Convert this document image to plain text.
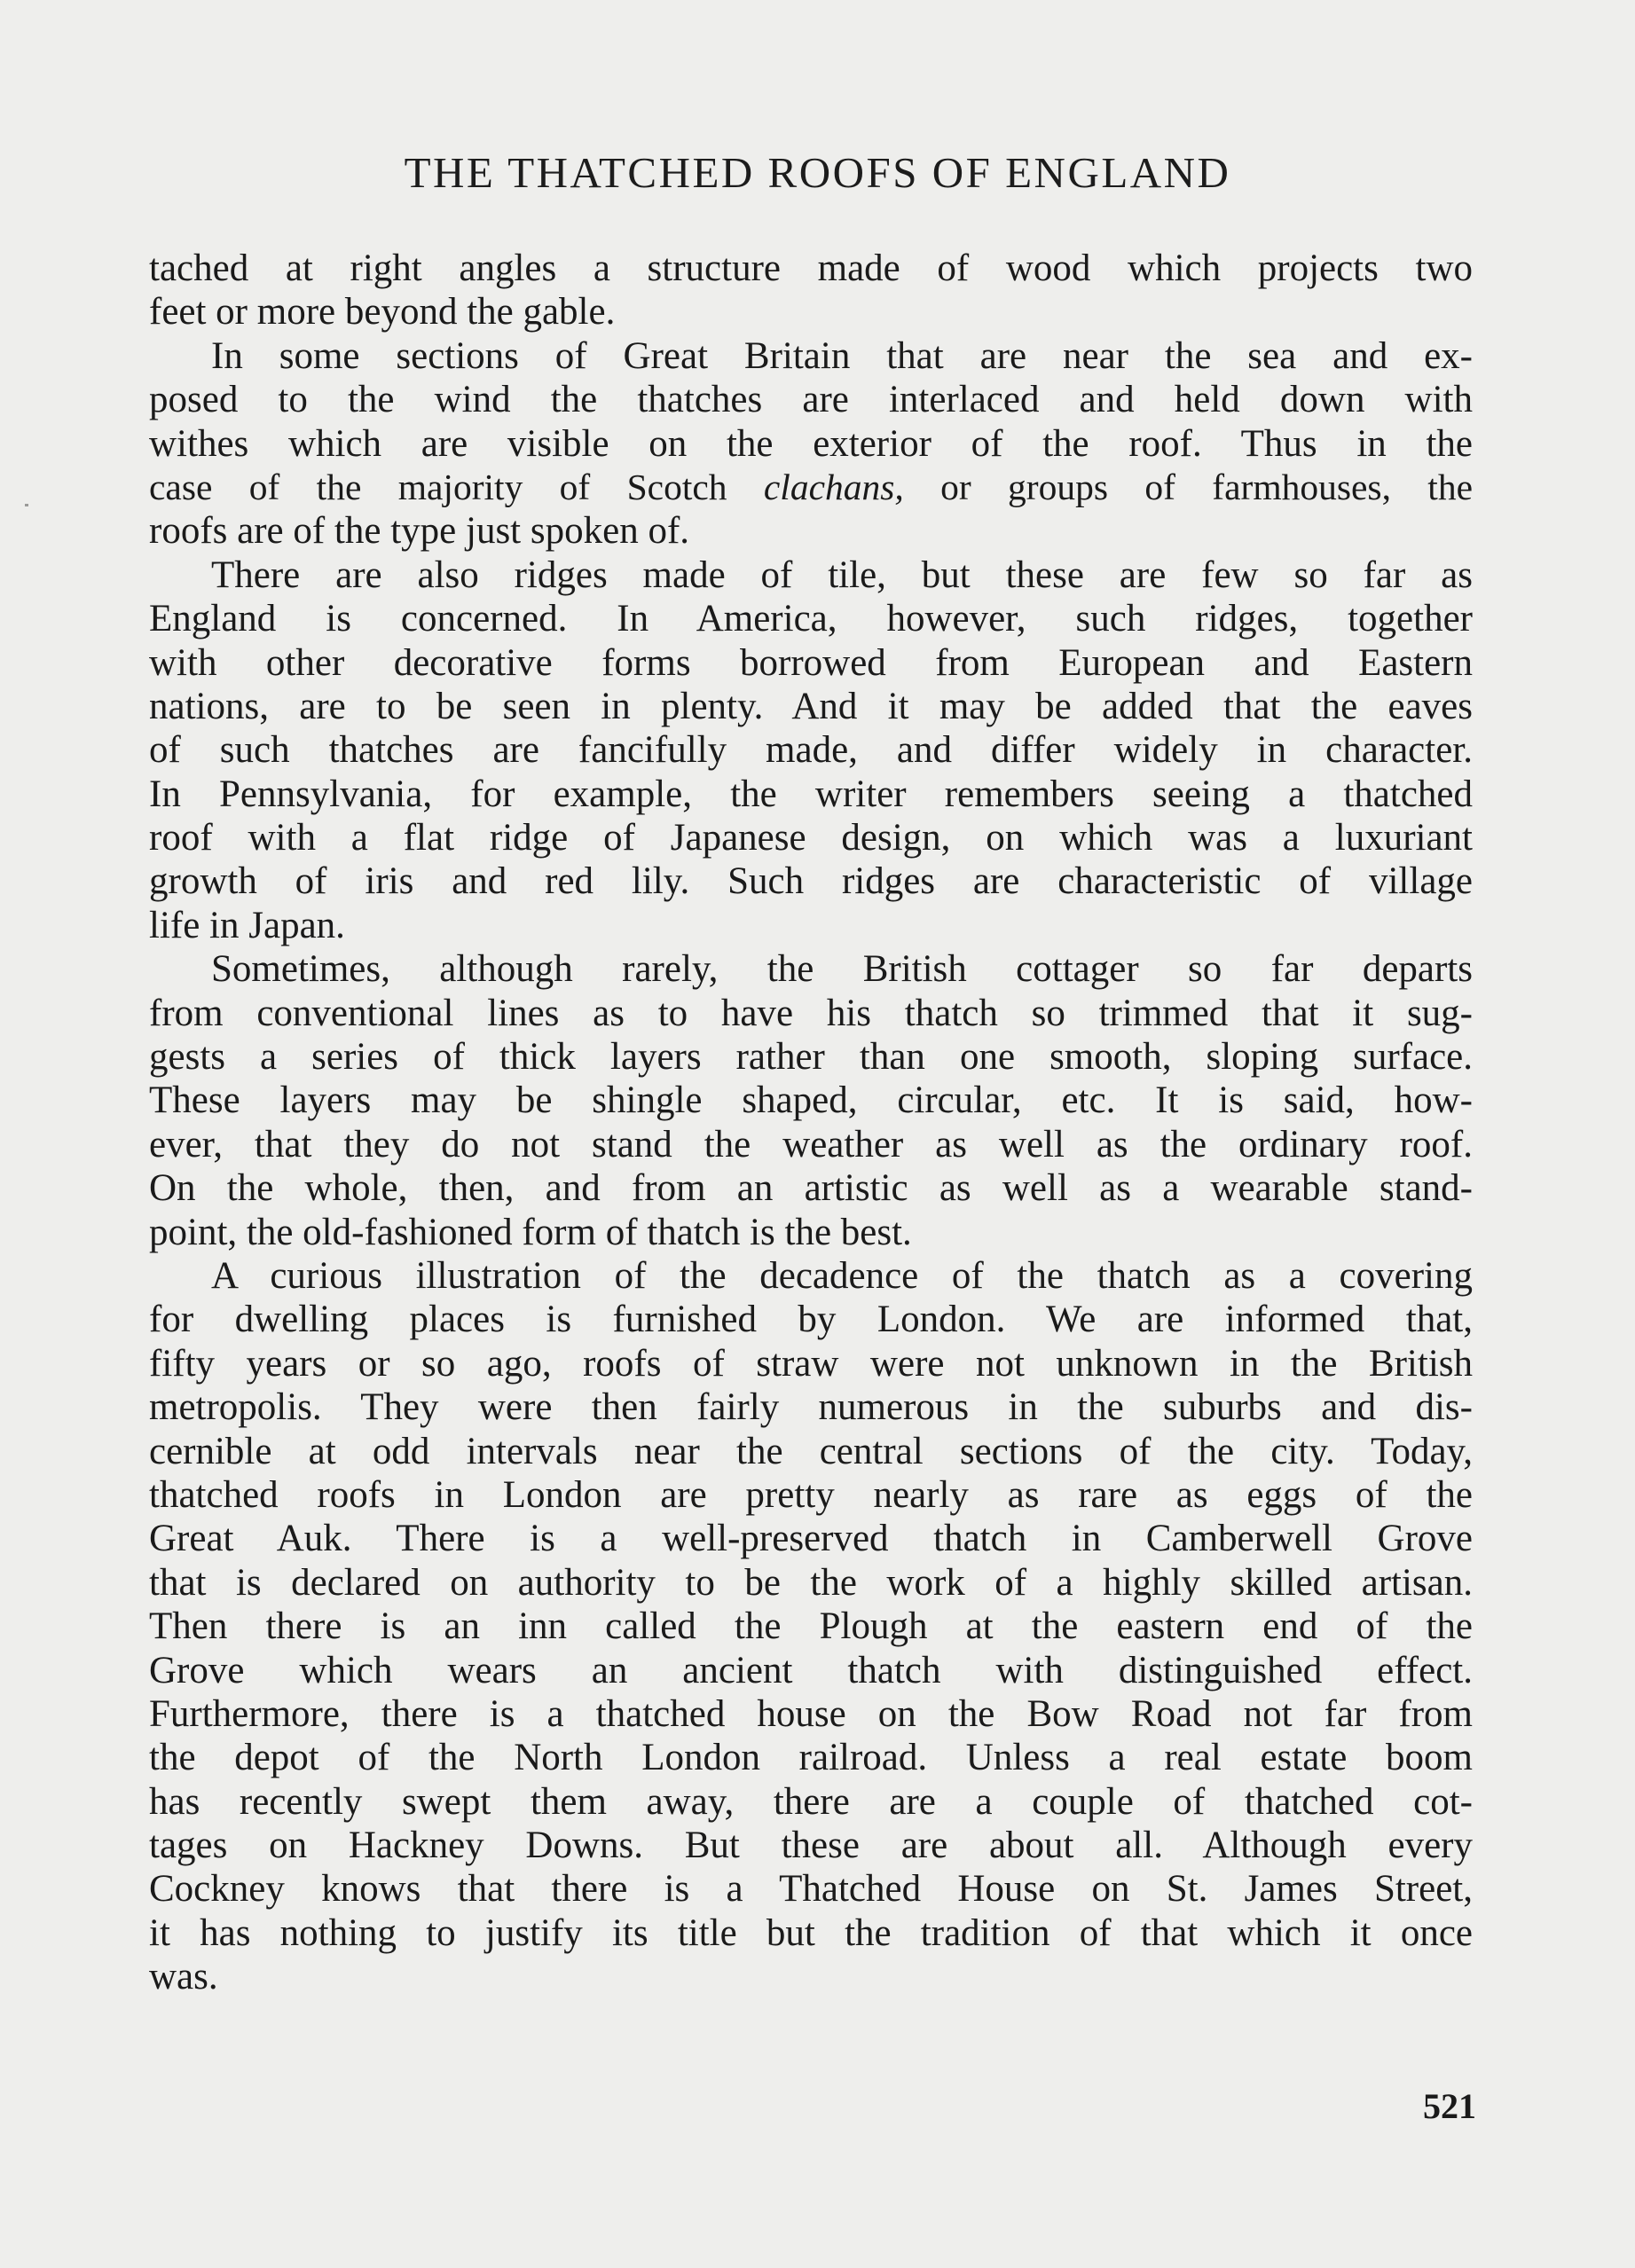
THE THATCHED ROOFS OF ENGLAND
tached at right angles a structure made of wood which projects two
feet or more beyond the gable.
In some sections of Great Britain that are near the sea and ex-
posed to the wind the thatches are interlaced and held down with
withes which are visible on the exterior of the roof. Thus in the
case of the majority of Scotch clachans, or groups of farmhouses, the
roofs are of the type just spoken of.
There are also ridges made of tile, but these are few so far as
England is concerned. In America, however, such ridges, together
with other decorative forms borrowed from European and Eastern
nations, are to be seen in plenty. And it may be added that the eaves
of such thatches are fancifully made, and differ widely in character.
In Pennsylvania, for example, the writer remembers seeing a thatched
roof with a flat ridge of Japanese design, on which was a luxuriant
growth of iris and red lily. Such ridges are characteristic of village
life in Japan.
Sometimes, although rarely, the British cottager so far departs
from conventional lines as to have his thatch so trimmed that it sug-
gests a series of thick layers rather than one smooth, sloping surface.
These layers may be shingle shaped, circular, etc. It is said, how-
ever, that they do not stand the weather as well as the ordinary roof.
On the whole, then, and from an artistic as well as a wearable stand-
point, the old-fashioned form of thatch is the best.
A curious illustration of the decadence of the thatch as a covering
for dwelling places is furnished by London. We are informed that,
fifty years or so ago, roofs of straw were not unknown in the British
metropolis. They were then fairly numerous in the suburbs and dis-
cernible at odd intervals near the central sections of the city. Today,
thatched roofs in London are pretty nearly as rare as eggs of the
Great Auk. There is a well-preserved thatch in Camberwell Grove
that is declared on authority to be the work of a highly skilled artisan.
Then there is an inn called the Plough at the eastern end of the
Grove which wears an ancient thatch with distinguished effect.
Furthermore, there is a thatched house on the Bow Road not far from
the depot of the North London railroad. Unless a real estate boom
has recently swept them away, there are a couple of thatched cot-
tages on Hackney Downs. But these are about all. Although every
Cockney knows that there is a Thatched House on St. James Street,
it has nothing to justify its title but the tradition of that which it once
was.
521
